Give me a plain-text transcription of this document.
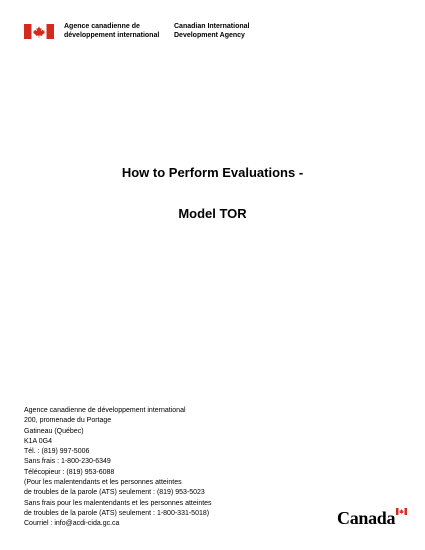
Agence canadienne de
développement international
Canadian International
Development Agency
How to Perform Evaluations -
Model TOR
Agence canadienne de développement international
200, promenade du Portage
Gatineau (Québec)
K1A 0G4
Tél. : (819) 997-5006
Sans frais : 1-800-230-6349
Télécopieur : (819) 953-6088
(Pour les malentendants et les personnes atteintes
de troubles de la parole (ATS) seulement : (819) 953-5023
Sans frais pour les malentendants et les personnes atteintes
de troubles de la parole (ATS) seulement : 1-800-331-5018)
Courriel : info@acdi-cida.gc.ca	Canada
